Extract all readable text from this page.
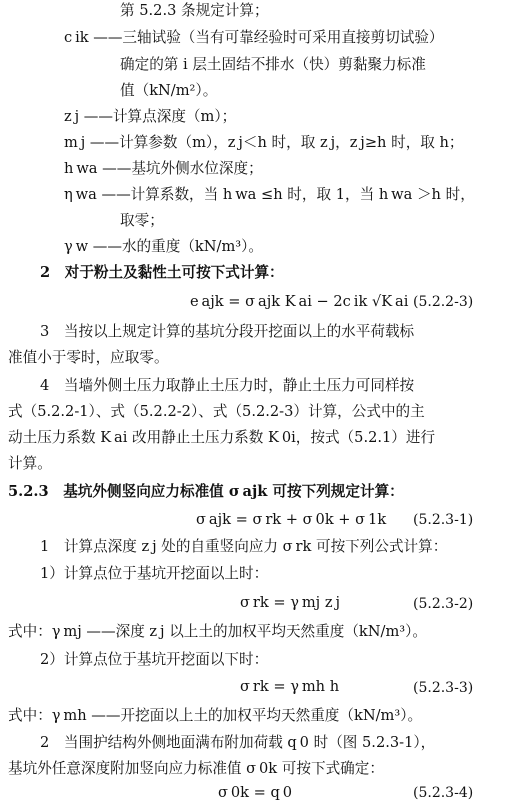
第 5.2.3 条规定计算；
c ik ——三轴试验（当有可靠经验时可采用直接剪切试验）
确定的第 i 层土固结不排水（快）剪黏聚力标准
值（kN/m²）。
z j ——计算点深度（m）；
m j ——计算参数（m），z j＜h 时，取 z j，z j≥h 时，取 h；
h wa ——基坑外侧水位深度；
η wa ——计算系数，当 h wa ≤h 时，取 1，当 h wa ＞h 时，
取零；
γ w ——水的重度（kN/m³）。
2　对于粉土及黏性土可按下式计算：
e ajk = σ ajk K ai − 2c ik √K ai (5.2.2-3)
3　当按以上规定计算的基坑分段开挖面以上的水平荷载标
准值小于零时，应取零。
4　当墙外侧土压力取静止土压力时，静止土压力可同样按
式（5.2.2-1）、式（5.2.2-2）、式（5.2.2-3）计算，公式中的主
动土压力系数 K ai 改用静止土压力系数 K 0i，按式（5.2.1）进行
计算。
5.2.3　基坑外侧竖向应力标准值 σ ajk 可按下列规定计算：
σ ajk = σ rk + σ 0k + σ 1k (5.2.3-1)
1　计算点深度 z j 处的自重竖向应力 σ rk 可按下列公式计算：
1）计算点位于基坑开挖面以上时：
σ rk = γ mj z j	(5.2.3-2)
式中：γ mj ——深度 z j 以上土的加权平均天然重度（kN/m³）。
2）计算点位于基坑开挖面以下时：
σ rk = γ mh h	(5.2.3-3)
式中：γ mh ——开挖面以上土的加权平均天然重度（kN/m³）。
2　当围护结构外侧地面满布附加荷载 q 0 时（图 5.2.3-1），
基坑外任意深度附加竖向应力标准值 σ 0k 可按下式确定：
σ 0k = q 0	(5.2.3-4)
